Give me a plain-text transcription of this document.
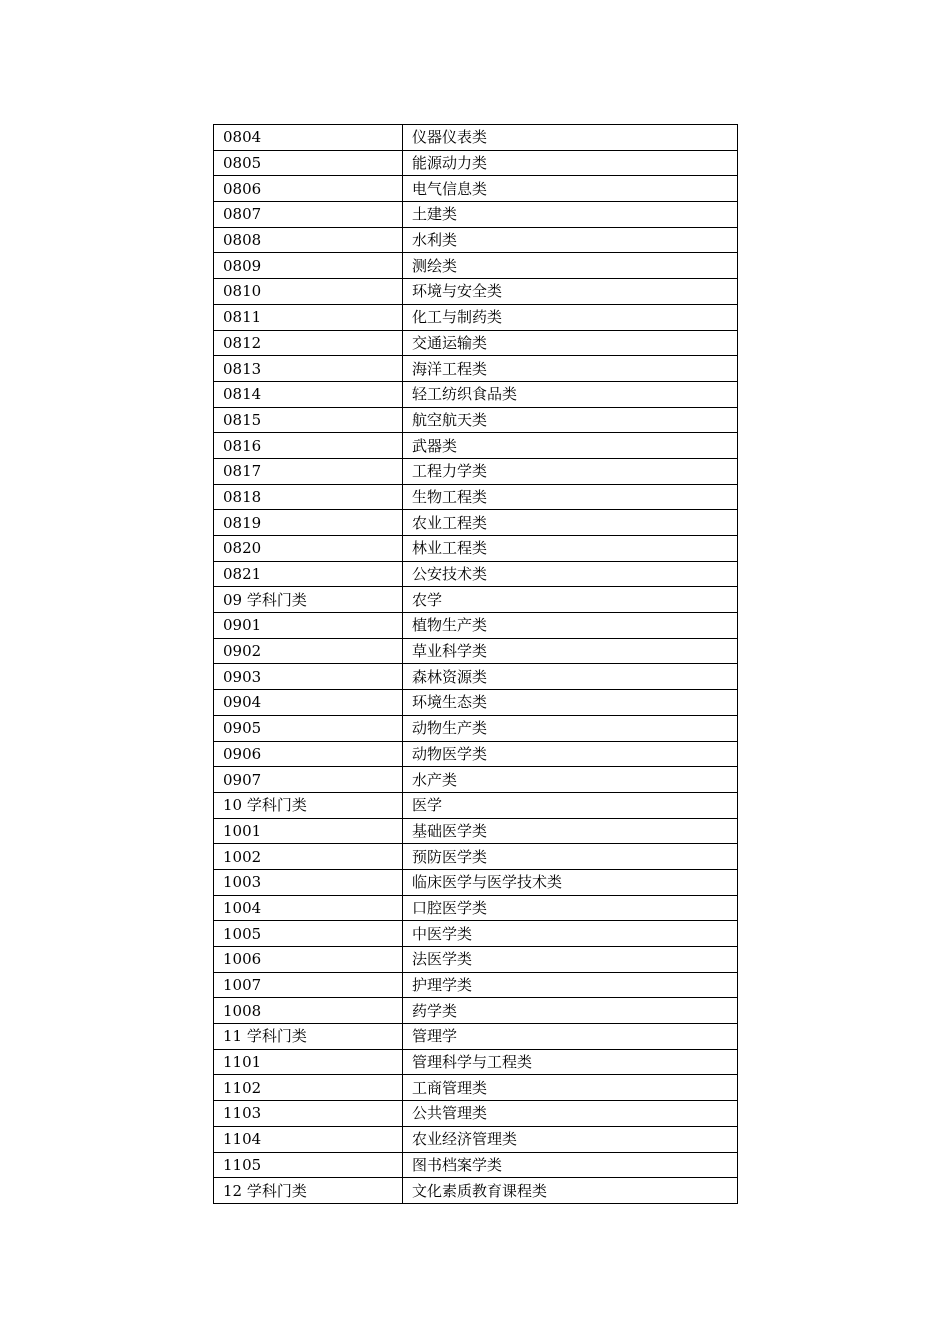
0804	仪器仪表类
0805	能源动力类
0806	电气信息类
0807	土建类
0808	水利类
0809	测绘类
0810	环境与安全类
0811	化工与制药类
0812	交通运输类
0813	海洋工程类
0814	轻工纺织食品类
0815	航空航天类
0816	武器类
0817	工程力学类
0818	生物工程类
0819	农业工程类
0820	林业工程类
0821	公安技术类
09 学科门类	农学
0901	植物生产类
0902	草业科学类
0903	森林资源类
0904	环境生态类
0905	动物生产类
0906	动物医学类
0907	水产类
10 学科门类	医学
1001	基础医学类
1002	预防医学类
1003	临床医学与医学技术类
1004	口腔医学类
1005	中医学类
1006	法医学类
1007	护理学类
1008	药学类
11 学科门类	管理学
1101	管理科学与工程类
1102	工商管理类
1103	公共管理类
1104	农业经济管理类
1105	图书档案学类
12 学科门类	文化素质教育课程类
